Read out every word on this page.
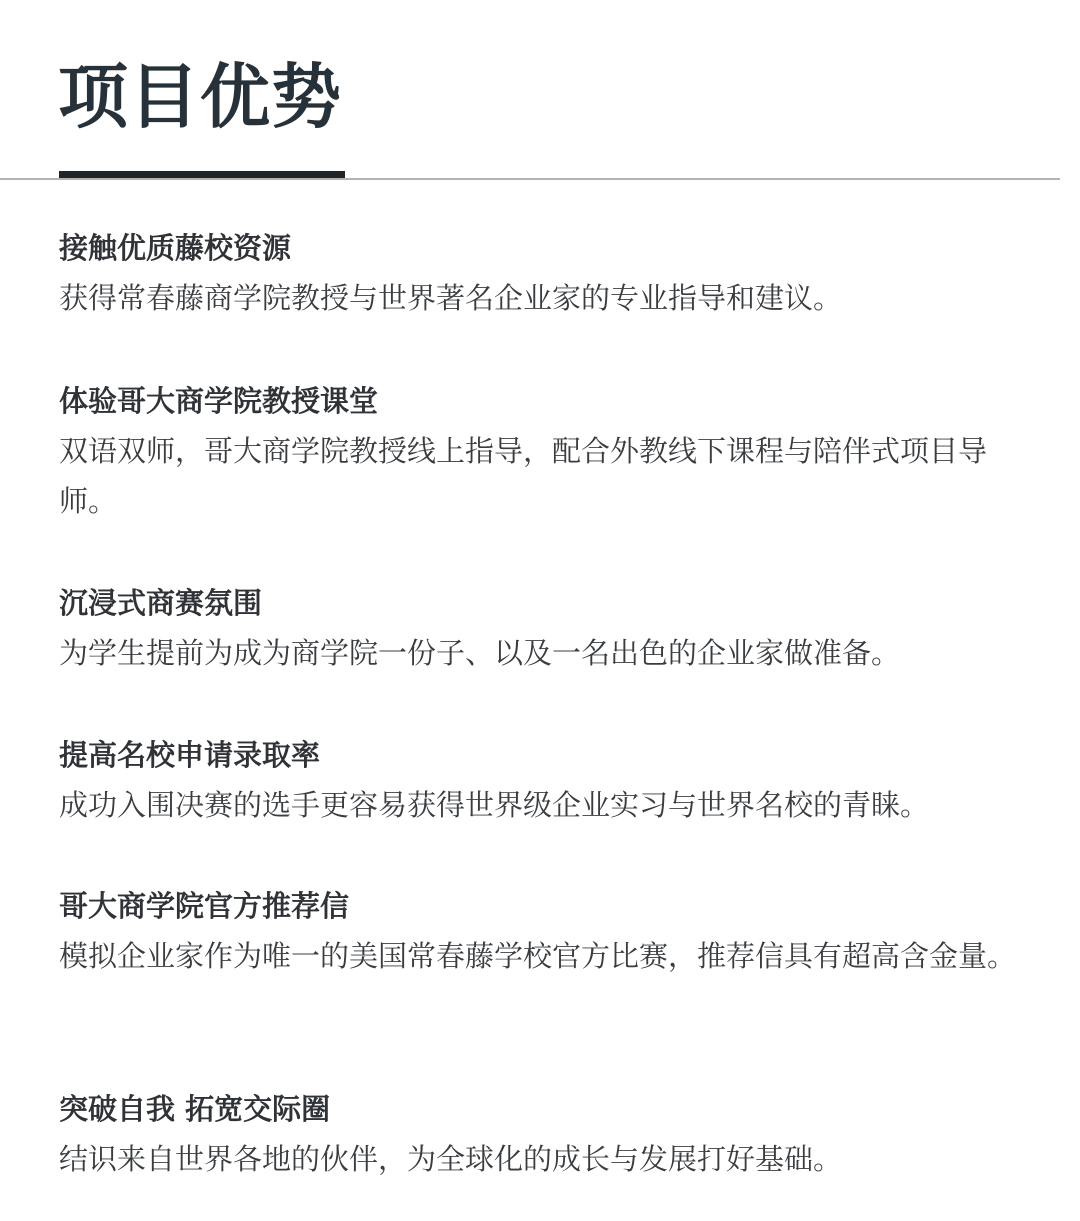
项目优势
接触优质藤校资源

获得常春藤商学院教授与世界著名企业家的专业指导和建议。

体验哥大商学院教授课堂

双语双师，哥大商学院教授线上指导，配合外教线下课程与陪伴式项目导师。

沉浸式商赛氛围

为学生提前为成为商学院一份子、以及一名出色的企业家做准备。

提高名校申请录取率

成功入围决赛的选手更容易获得世界级企业实习与世界名校的青睐。

哥大商学院官方推荐信

模拟企业家作为唯一的美国常春藤学校官方比赛，推荐信具有超高含金量。

突破自我 拓宽交际圈

结识来自世界各地的伙伴，为全球化的成长与发展打好基础。
